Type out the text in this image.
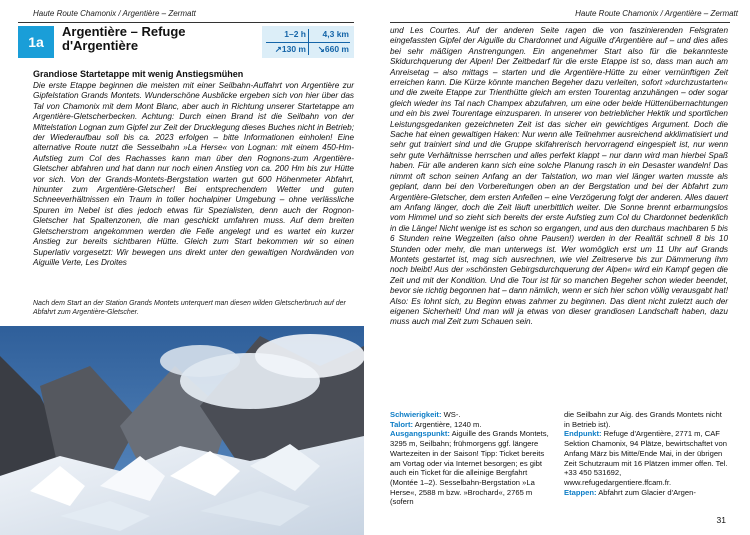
Haute Route Chamonix / Argentière – Zermatt
1a
Argentière – Refuge d'Argentière
1–2 h	4,3 km
↗130 m	↘660 m
Grandiose Startetappe mit wenig Anstiegsmühen

Die erste Etappe beginnen die meisten mit einer Seilbahn-Auffahrt von Argentière zur Gipfelstation Grands Montets. Wunderschöne Ausblicke ergeben sich von hier über das Tal von Chamonix mit dem Mont Blanc, aber auch in Richtung unserer Startetappe am Argentière-Gletscherbecken. Achtung: Durch einen Brand ist die Seilbahn von der Mittelstation Lognan zum Gipfel zur Zeit der Drucklegung dieses Buches nicht in Betrieb; der Wiederaufbau soll bis ca. 2023 erfolgen – bitte Informationen einholen! Eine alternative Route nutzt die Sesselbahn »La Herse« von Lognan: mit einem 450-Hm-Aufstieg zum Col des Rachasses kann man über den Rognons-zum Argentière-Gletscher abfahren und hat dann nur noch einen Anstieg von ca. 200 Hm bis zur Hütte vor sich. Von der Grands-Montets-Bergstation warten gut 600 Höhenmeter Abfahrt, hinunter zum Argentière-Gletscher! Bei entsprechendem Wetter und guten Schneeverhältnissen ein Traum in toller hochalpiner Umgebung – ohne verlässliche Spuren im Nebel ist dies jedoch etwas für Spezialisten, denn auch der Rognon-Gletscher hat Spaltenzonen, die man geschickt umfahren muss. Auf dem breiten Gletscherstrom angekommen werden die Felle angelegt und es wartet ein kurzer Anstieg zur bereits sichtbaren Hütte. Gleich zum Start bekommen wir so einen Superlativ vorgesetzt: Wir bewegen uns direkt unter den gewaltigen Nordwänden von Aiguille Verte, Les Droites

Nach dem Start an der Station Grands Montets unterquert man diesen wilden Gletscherbruch auf der Abfahrt zum Argentière-Gletscher.

Haute Route Chamonix / Argentière – Zermatt

und Les Courtes. Auf der anderen Seite ragen die von faszinierenden Felsgraten eingefassten Gipfel der Aiguille du Chardonnet und Aiguille d'Argentière auf – und dies alles bei sehr mäßigen Anstrengungen. Ein angenehmer Start also für die bekannteste Skidurchquerung der Alpen! Der Zeitbedarf für die erste Etappe ist so, dass man auch am Anreisetag – also mittags – starten und die Argentière-Hütte zu einer vernünftigen Zeit erreichen kann. Die Kürze könnte manchen Begeher dazu verleiten, sofort »durchzustarten« und die zweite Etappe zur Trienthütte gleich am ersten Tourentag anzuhängen – oder sogar gleich wieder ins Tal nach Champex abzufahren, um eine oder beide Hüttenübernachtungen und ein bis zwei Tourentage einzusparen. In unserer von betrieblicher Hektik und sportlichen Leistungsgedanken gezeichneten Zeit ist das sicher ein gewichtiges Argument. Doch die Sache hat einen gewaltigen Haken: Nur wenn alle Teilnehmer ausreichend akklimatisiert und sehr gut trainiert sind und die Gruppe skifahrerisch hervorragend eingespielt ist, nur wenn sehr gute Verhältnisse herrschen und alles perfekt klappt – nur dann wird man hierbei Spaß haben. Für alle anderen kann sich eine solche Planung rasch in ein Desaster wandeln! Das nimmt oft schon seinen Anfang an der Talstation, wo man viel länger warten musste als geplant, dann bei den Vorbereitungen oben an der Bergstation und bei der Abfahrt zum Argentière-Gletscher, dem ersten Anfellen – eine Verzögerung folgt der anderen. Alles dauert am Anfang länger, doch die Zeit läuft unerbittlich weiter. Die Sonne brennt erbarmungslos vom Himmel und so zieht sich bereits der erste Aufstieg zum Col du Chardonnet bedenklich in die Länge! Nicht wenige ist es schon so ergangen, und aus den durchaus machbaren 5 bis 6 Stunden reine Wegzeiten (also ohne Pausen!) werden in der Realität schnell 8 bis 10 Stunden oder mehr, die man unterwegs ist. Wer womöglich erst um 11 Uhr auf Grands Montets gestartet ist, mag sich ausrechnen, wie viel Zeitreserve bis zur Dämmerung ihm noch bleibt! Aus der »schönsten Gebirgsdurchquerung der Alpen« wird ein Kampf gegen die Zeit und mit der Kondition. Und die Tour ist für so manchen Begeher schon wieder beendet, bevor sie richtig begonnen hat – dann nämlich, wenn er sich hier schon völlig verausgabt hat! Also: Es lohnt sich, zu Beginn etwas zahmer zu beginnen. Das dient nicht zuletzt auch der eigenen Sicherheit! Und man will ja etwas von dieser grandiosen Landschaft haben, dazu muss auch mal Zeit zum Schauen sein.

Schwierigkeit: WS-.
Talort: Argentière, 1240 m.
Ausgangspunkt: Aiguille des Grands Montets, 3295 m, Seilbahn; frühmorgens ggf. längere Wartezeiten in der Saison! Tipp: Ticket bereits am Vortag oder via Internet besorgen; es gibt auch ein Ticket für die alleinige Bergfahrt (Montée 1–2). Sesselbahn-Bergstation »La Herse«, 2588 m bzw. »Brochard«, 2765 m (sofern
die Seilbahn zur Aig. des Grands Montets nicht in Betrieb ist).
Endpunkt: Refuge d'Argentière, 2771 m, CAF Sektion Chamonix, 94 Plätze, bewirtschaftet von Anfang März bis Mitte/Ende Mai, in der übrigen Zeit Schutzraum mit 16 Plätzen immer offen. Tel. +33 450 531692, www.refugedargentiere.ffcam.fr.
Etappen: Abfahrt zum Glacier d'Argen-
31
